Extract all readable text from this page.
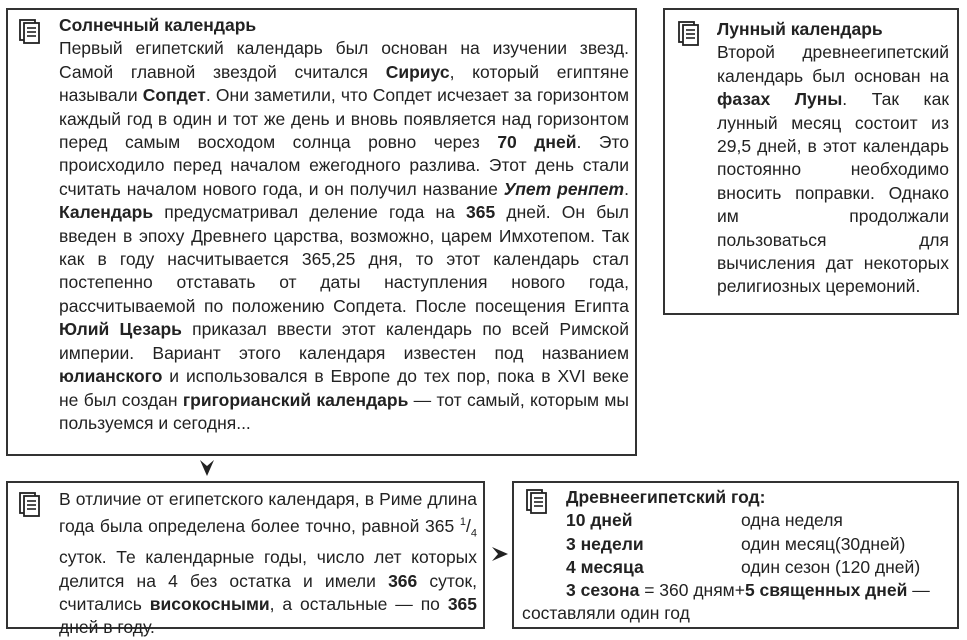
Солнечный календарь
Первый египетский календарь был основан на изучении звезд. Самой главной звездой считался Сириус, который египтяне называли Сопдет. Они заметили, что Сопдет исчезает за горизонтом каждый год в один и тот же день и вновь появляется над горизонтом перед самым восходом солнца ровно через 70 дней. Это происходило перед началом ежегодного разлива. Этот день стали считать началом нового года, и он получил название Упет ренпет. Календарь предусматривал деление года на 365 дней. Он был введен в эпоху Древнего царства, возможно, царем Имхотепом. Так как в году насчитывается 365,25 дня, то этот календарь стал постепенно отставать от даты наступления нового года, рассчитываемой по положению Сопдета. После посещения Египта Юлий Цезарь приказал ввести этот календарь по всей Римской империи. Вариант этого календаря известен под названием юлианского и использовался в Европе до тех пор, пока в XVI веке не был создан григорианский календарь — тот самый, которым мы пользуемся и сегодня...
Лунный календарь
Второй древнеегипетский календарь был основан на фазах Луны. Так как лунный месяц состоит из 29,5 дней, в этот календарь постоянно необходимо вносить поправки. Однако им продолжали пользоваться для вычисления дат некоторых религиозных церемоний.
В отличие от египетского календаря, в Риме длина года была определена более точно, равной 365 $^1/_4$ суток. Те календарные годы, число лет которых делится на 4 без остатка и имели 366 суток, считались високосными, а остальные — по 365 дней в году.
Древнеегипетский год:
10 дней	одна неделя
3 недели	один месяц(30дней)
4 месяца	один сезон (120 дней)
3 сезона = 360 дням+5 священных дней — составляли один год
